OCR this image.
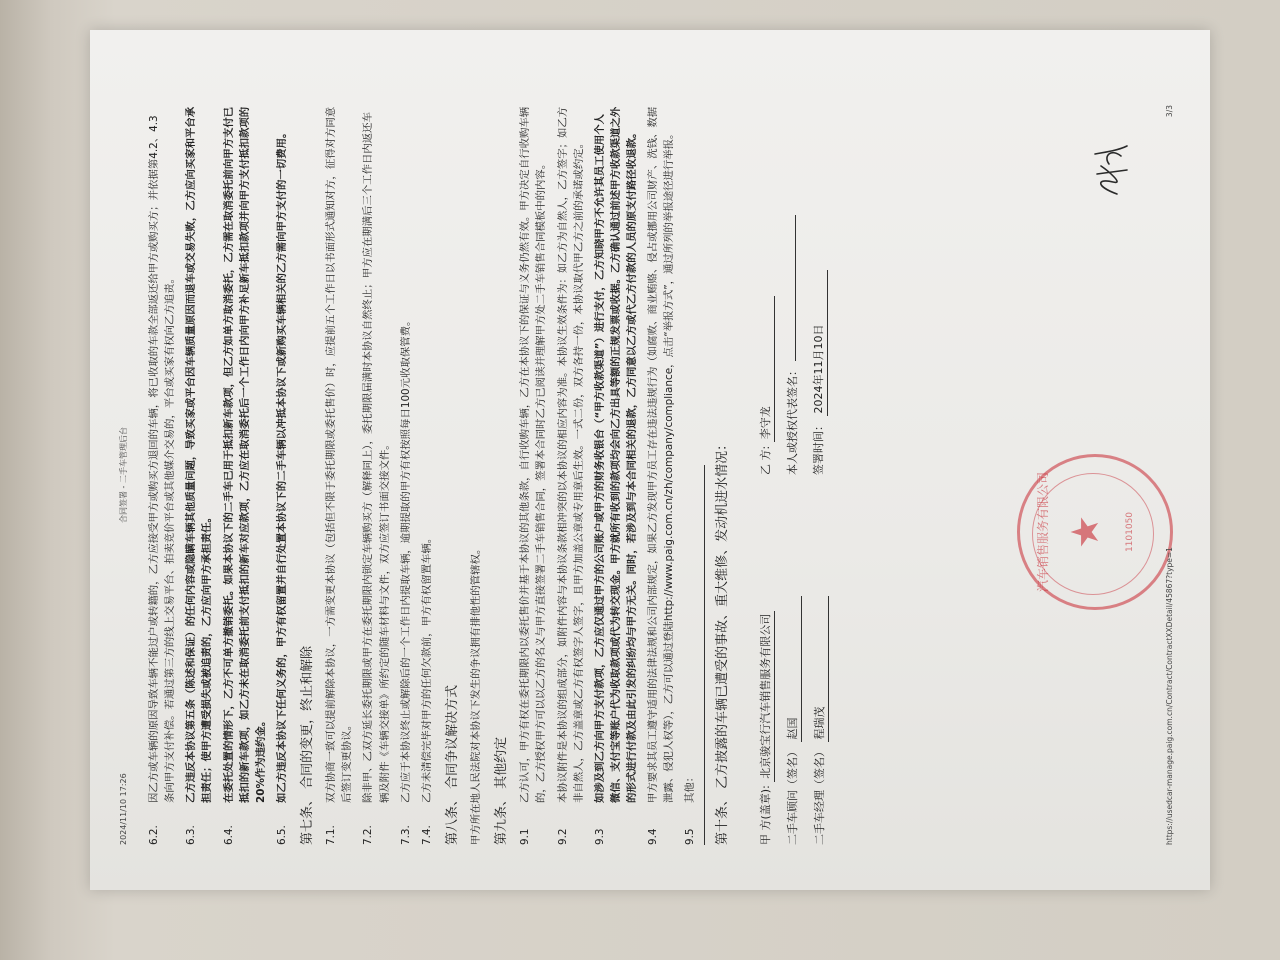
2024/11/10 17:26
合同签署 - 二手车管理后台
6.2.
因乙方或车辆的原因导致车辆不能过户或转籍的，乙方应接受甲方或购买方退回的车辆，将已收取的车款全部返还给甲方或购买方；并依据第4.2、4.3条向甲方支付补偿。若通过第三方的线上交易平台、拍卖竞价平台或其他媒介交易的，平台或买家有权向乙方追责。
6.3.
乙方违反本协议第五条（陈述和保证）的任何内容或隐瞒车辆其他质量问题，导致买家或平台因车辆质量原因而退车或交易失败，乙方应向买家和平台承担责任；使甲方遭受损失或被追责的，乙方应向甲方承担责任。
6.4.
在委托处置的情形下，乙方不可单方撤销委托。如果本协议下的二手车已用于抵扣新车款项，但乙方如单方取消委托，乙方需在取消委托前向甲方支付已抵扣的新车款项，如乙方未在取消委托前支付抵扣的新车对应款项，乙方应在取消委托后一个工作日内向甲方补足新车抵扣款项并向甲方支付抵扣款项的20%作为违约金。
6.5.
如乙方违反本协议下任何义务的，甲方有权留置并自行处置本协议下的二手车辆以冲抵本协议下或新购买车辆相关的乙方需向甲方支付的一切费用。 第七条、 合同的变更，终止和解除 7.1.
双方协商一致可以提前解除本协议，一方需变更本协议（包括但不限于委托期限或委托售价）时，应提前五个工作日以书面形式通知对方，征得对方同意后签订变更协议。
7.2.
除非甲、乙双方延长委托期限或甲方在委托期限内锁定车辆购买方（解释同上），委托期限届满时本协议自然终止；甲方应在期满后三个工作日内返还车辆及附件《车辆交接单》所约定的随车材料与文件，双方应签订书面交接文件。
7.3.
乙方应于本协议终止或解除后的一个工作日内提取车辆，逾期提取的甲方有权按照每日100元收取保管费。
7.4.
乙方未清偿完毕对甲方的任何欠款前，甲方有权留置车辆。 第八条、 合同争议解决方式 甲方所在地人民法院对本协议下发生的争议拥有排他性的管辖权。 第九条、 其他约定 9.1
乙方认可，甲方有权在委托期限内以委托售价并基于本协议的其他条款，自行收购车辆，乙方在本协议下的保证与义务仍然有效。甲方决定自行收购车辆的，乙方授权甲方可以以乙方的名义与甲方直接签署二手车销售合同，签署本合同时乙方已阅读并理解甲方处二手车销售合同模板中的内容。
9.2
本协议附件是本协议的组成部分，如附件内容与本协议条款相冲突的以本协议的相应内容为准。本协议生效条件为：如乙方为自然人，乙方签字；如乙方非自然人，乙方盖章或乙方有权签字人签字，且甲方加盖公章或专用章后生效。一式二份，双方各持一份，本协议取代甲乙方之前的承诺或约定。
9.3
如涉及到乙方向甲方支付款项，乙方应仅通过甲方的公司账户或甲方的财务收银台（“甲方收款渠道”）进行支付，乙方知晓甲方不允许其员工使用个人微信、支付宝等账户代为收取款项或代为转交现金。甲方就所有收到的款项均会向乙方出具等额的正规发票或收据。乙方确认通过前述甲方收款渠道之外的形式进行付款及由此引发的纠纷均与甲方无关。同时，若涉及到与本合同相关的退款，乙方同意以乙方或代乙方付款的人员的原支付路径收退款。
9.4
甲方要求其员工遵守适用的法律法规和公司内部规定，如果乙方发现甲方员工存在违法违规行为（如腐败、商业贿赂、侵占或挪用公司财产、洗钱、数据泄露、侵犯人权等），乙方可以通过登陆http://www.paig.com.cn/zh/company/compliance，点击“举报方式”，通过所列的举报途径进行举报。
9.5
其他： 第十条、 乙方披露的车辆已遭受的事故、重大维修、发动机进水情况：	甲 方(盖章): 北京骏宝行汽车销售服务有限公司
二手车顾问（签名） 赵国
二手车经理（签名） 程瑞茂
乙 方: 李守龙 本人或授权代表签名： 签署时间： 2024年11月10日
汽车销售服务有限公司 ★ 1101050
https://usedcar-manage.paig.com.cn/Contract/ContractXXDetail/45867?type=1
3/3
